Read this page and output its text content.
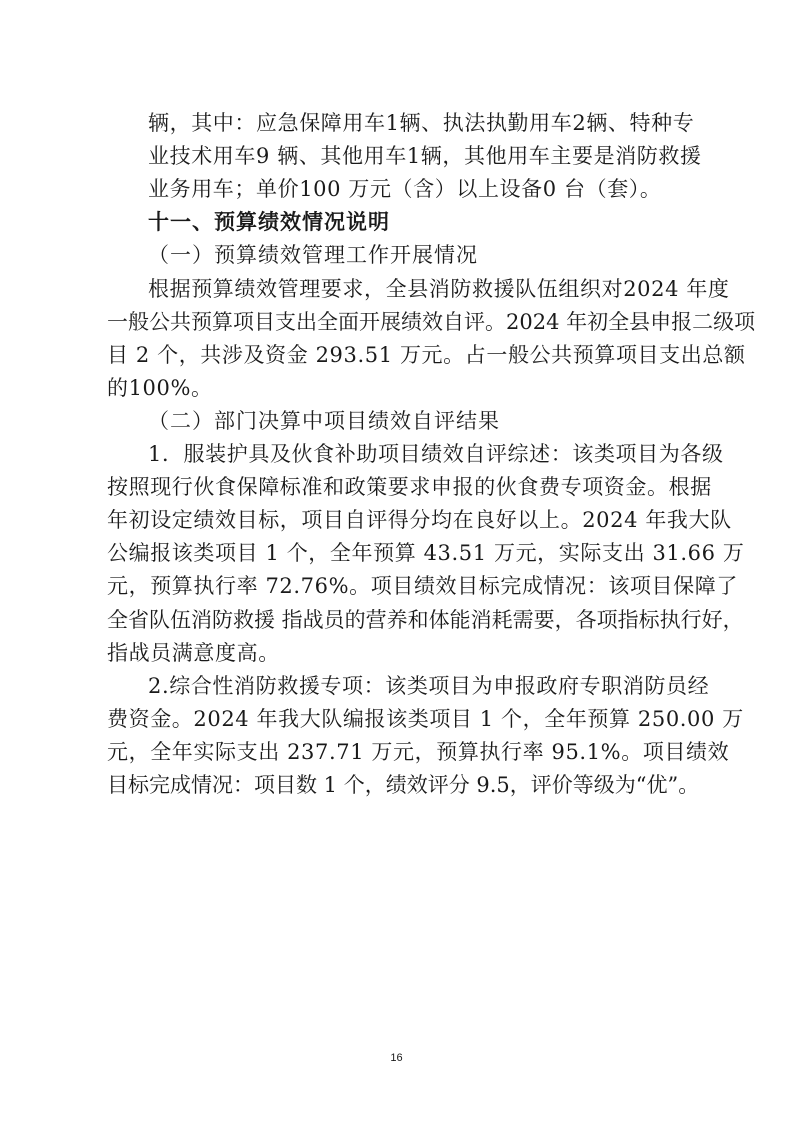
辆，其中：应急保障用车1辆、执法执勤用车2辆、特种专
业技术用车9 辆、其他用车1辆，其他用车主要是消防救援
业务用车；单价100 万元（含）以上设备0 台（套）。
十一、预算绩效情况说明
（一）预算绩效管理工作开展情况
根据预算绩效管理要求，全县消防救援队伍组织对2024 年度
一般公共预算项目支出全面开展绩效自评。2024 年初全县申报二级项
目 2 个，共涉及资金 293.51 万元。占一般公共预算项目支出总额
的100%。
（二）部门决算中项目绩效自评结果
1．服装护具及伙食补助项目绩效自评综述：该类项目为各级
按照现行伙食保障标准和政策要求申报的伙食费专项资金。根据
年初设定绩效目标，项目自评得分均在良好以上。2024 年我大队
公编报该类项目 1 个，全年预算 43.51 万元，实际支出 31.66 万
元，预算执行率 72.76%。项目绩效目标完成情况：该项目保障了
全省队伍消防救援 指战员的营养和体能消耗需要，各项指标执行好，
指战员满意度高。
2.综合性消防救援专项：该类项目为申报政府专职消防员经
费资金。2024 年我大队编报该类项目 1 个，全年预算 250.00 万
元，全年实际支出 237.71 万元，预算执行率 95.1%。项目绩效
目标完成情况：项目数 1 个，绩效评分 9.5，评价等级为“优”。
16
